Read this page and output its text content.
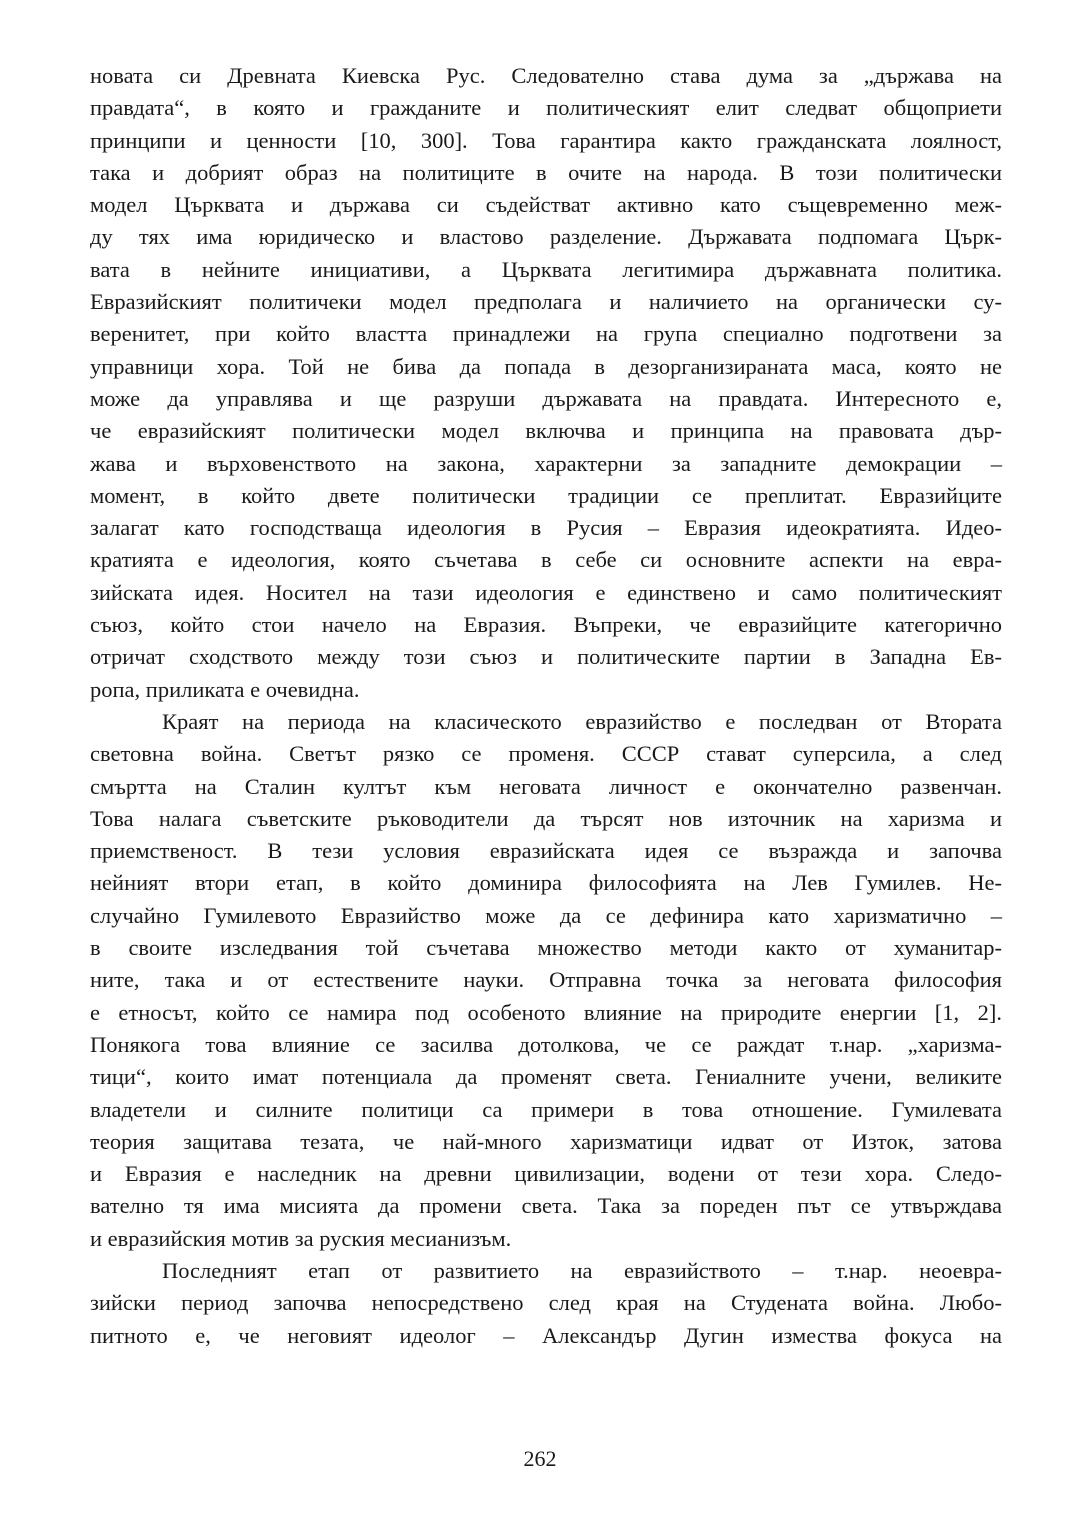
новата си Древната Киевска Рус. Следователно става дума за „държава на
правдата“, в която и гражданите и политическият елит следват общоприети
принципи и ценности [10, 300]. Това гарантира както гражданската лоялност,
така и добрият образ на политиците в очите на народа. В този политически
модел Църквата и държава си съдействат активно като същевременно меж-
ду тях има юридическо и властово разделение. Държавата подпомага Църк-
вата в нейните инициативи, а Църквата легитимира държавната политика.
Евразийският политичеки модел предполага и наличието на органически су-
веренитет, при който властта принадлежи на група специално подготвени за
управници хора. Той не бива да попада в дезорганизираната маса, която не
може да управлява и ще разруши държавата на правдата. Интересното е,
че евразийският политически модел включва и принципа на правовата дър-
жава и върховенството на закона, характерни за западните демокрации –
момент, в който двете политически традиции се преплитат. Евразийците
залагат като господстваща идеология в Русия – Евразия идеократията. Идео-
кратията е идеология, която съчетава в себе си основните аспекти на евра-
зийската идея. Носител на тази идеология е единствено и само политическият
съюз, който стои начело на Евразия. Въпреки, че евразийците категорично
отричат сходството между този съюз и политическите партии в Западна Ев-
ропа, приликата е очевидна.
Краят на периода на класическото евразийство е последван от Втората
световна война. Светът рязко се променя. СССР стават суперсила, а след
смъртта на Сталин култът към неговата личност е окончателно развенчан.
Това налага съветските ръководители да търсят нов източник на харизма и
приемственост. В тези условия евразийската идея се възражда и започва
нейният втори етап, в който доминира философията на Лев Гумилев. Не-
случайно Гумилевото Евразийство може да се дефинира като харизматично –
в своите изследвания той съчетава множество методи както от хуманитар-
ните, така и от естествените науки. Отправна точка за неговата философия
е етносът, който се намира под особеното влияние на природите енергии [1, 2].
Понякога това влияние се засилва дотолкова, че се раждат т.нар. „харизма-
тици“, които имат потенциала да променят света. Гениалните учени, великите
владетели и силните политици са примери в това отношение. Гумилевата
теория защитава тезата, че най-много харизматици идват от Изток, затова
и Евразия е наследник на древни цивилизации, водени от тези хора. Следо-
вателно тя има мисията да промени света. Така за пореден път се утвърждава
и евразийския мотив за руския месианизъм.
Последният етап от развитието на евразийството – т.нар. неоевра-
зийски период започва непосредствено след края на Студената война. Любо-
питното е, че неговият идеолог – Александър Дугин измества фокуса на
262
